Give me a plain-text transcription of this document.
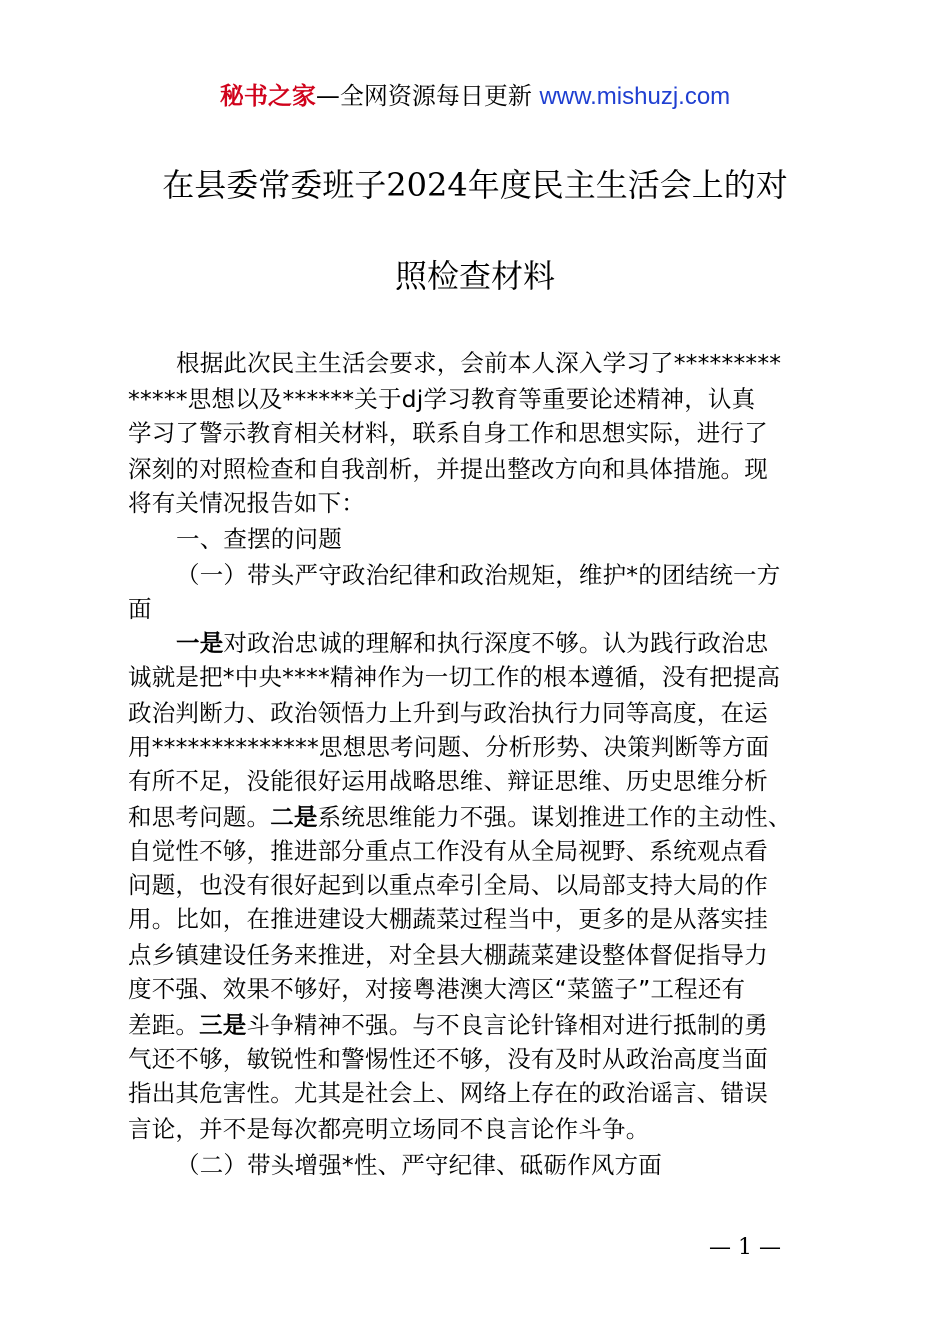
秘书之家—全网资源每日更新 www.mishuzj.com
在县委常委班子2024年度民主生活会上的对
照检查材料
根据此次民主生活会要求，会前本人深入学习了*********
*****思想以及******关于dj学习教育等重要论述精神，认真
学习了警示教育相关材料，联系自身工作和思想实际，进行了
深刻的对照检查和自我剖析，并提出整改方向和具体措施。现
将有关情况报告如下：
一、查摆的问题
（一）带头严守政治纪律和政治规矩，维护*的团结统一方
面
一是对政治忠诚的理解和执行深度不够。认为践行政治忠
诚就是把*中央****精神作为一切工作的根本遵循，没有把提高
政治判断力、政治领悟力上升到与政治执行力同等高度，在运
用**************思想思考问题、分析形势、决策判断等方面
有所不足，没能很好运用战略思维、辩证思维、历史思维分析
和思考问题。二是系统思维能力不强。谋划推进工作的主动性、
自觉性不够，推进部分重点工作没有从全局视野、系统观点看
问题，也没有很好起到以重点牵引全局、以局部支持大局的作
用。比如，在推进建设大棚蔬菜过程当中，更多的是从落实挂
点乡镇建设任务来推进，对全县大棚蔬菜建设整体督促指导力
度不强、效果不够好，对接粤港澳大湾区“菜篮子”工程还有
差距。三是斗争精神不强。与不良言论针锋相对进行抵制的勇
气还不够，敏锐性和警惕性还不够，没有及时从政治高度当面
指出其危害性。尤其是社会上、网络上存在的政治谣言、错误
言论，并不是每次都亮明立场同不良言论作斗争。
（二）带头增强*性、严守纪律、砥砺作风方面
— 1 —
